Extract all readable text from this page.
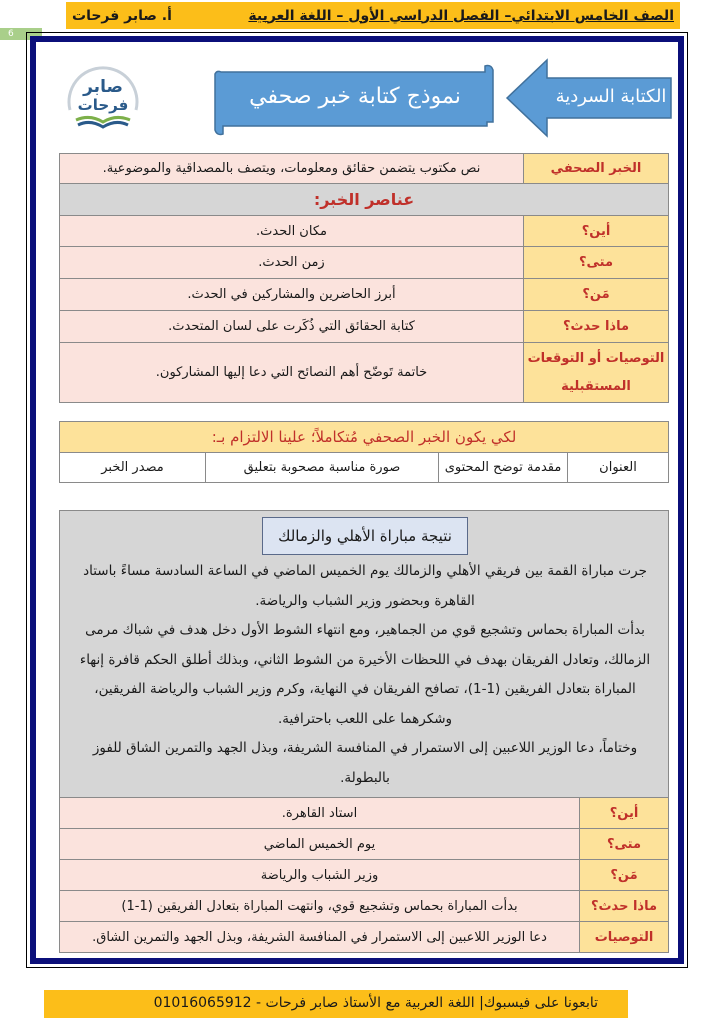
الصف الخامس الابتدائي– الفصل الدراسي الأول – اللغة العربية
أ. صابر فرحات
6
صابر
فرحات	نموذج كتابة خبر صحفي	الكتابة السردية
الخبر الصحفي	نص مكتوب يتضمن حقائق ومعلومات، ويتصف بالمصداقية والموضوعية.
عناصر الخبر:	
أين؟	مكان الحدث.
متى؟	زمن الحدث.
مَن؟	أبرز الحاضرين والمشاركين في الحدث.
ماذا حدث؟	كتابة الحقائق التي ذُكَرت على لسان المتحدث.
التوصيات أو التوقعات المستقبلية	خاتمة تَوضّح أهم النصائح التي دعا إليها المشاركون.
لكي يكون الخبر الصحفي مُتكاملاً؛ علينا الالتزام بـ:
العنوان	مقدمة توضح المحتوى	صورة مناسبة مصحوبة بتعليق	مصدر الخبر
نتيجة مباراة الأهلي والزمالك
جرت مباراة القمة بين فريقي الأهلي والزمالك يوم الخميس الماضي في الساعة السادسة مساءً باستاد القاهرة وبحضور وزير الشباب والرياضة.
بدأت المباراة بحماس وتشجيع قوي من الجماهير، ومع انتهاء الشوط الأول دخل هدف في شباك مرمى الزمالك، وتعادل الفريقان بهدف في اللحظات الأخيرة من الشوط الثاني، وبذلك أطلق الحكم قافرة إنهاء المباراة بتعادل الفريقين (1-1)، تصافح الفريقان في النهاية، وكرم وزير الشباب والرياضة الفريقين، وشكرهما على اللعب باحترافية.
وختاماً، دعا الوزير اللاعبين إلى الاستمرار في المنافسة الشريفة، وبذل الجهد والتمرين الشاق للفوز بالبطولة.
أين؟	استاد القاهرة.
متى؟	يوم الخميس الماضي
مَن؟	وزير الشباب والرياضة
ماذا حدث؟	بدأت المباراة بحماس وتشجيع قوي، وانتهت المباراة بتعادل الفريقين (1-1)
التوصيات	دعا الوزير اللاعبين إلى الاستمرار في المنافسة الشريفة، وبذل الجهد والتمرين الشاق.
تابعونا على فيسبوك| اللغة العربية مع الأستاذ صابر فرحات - 01016065912
